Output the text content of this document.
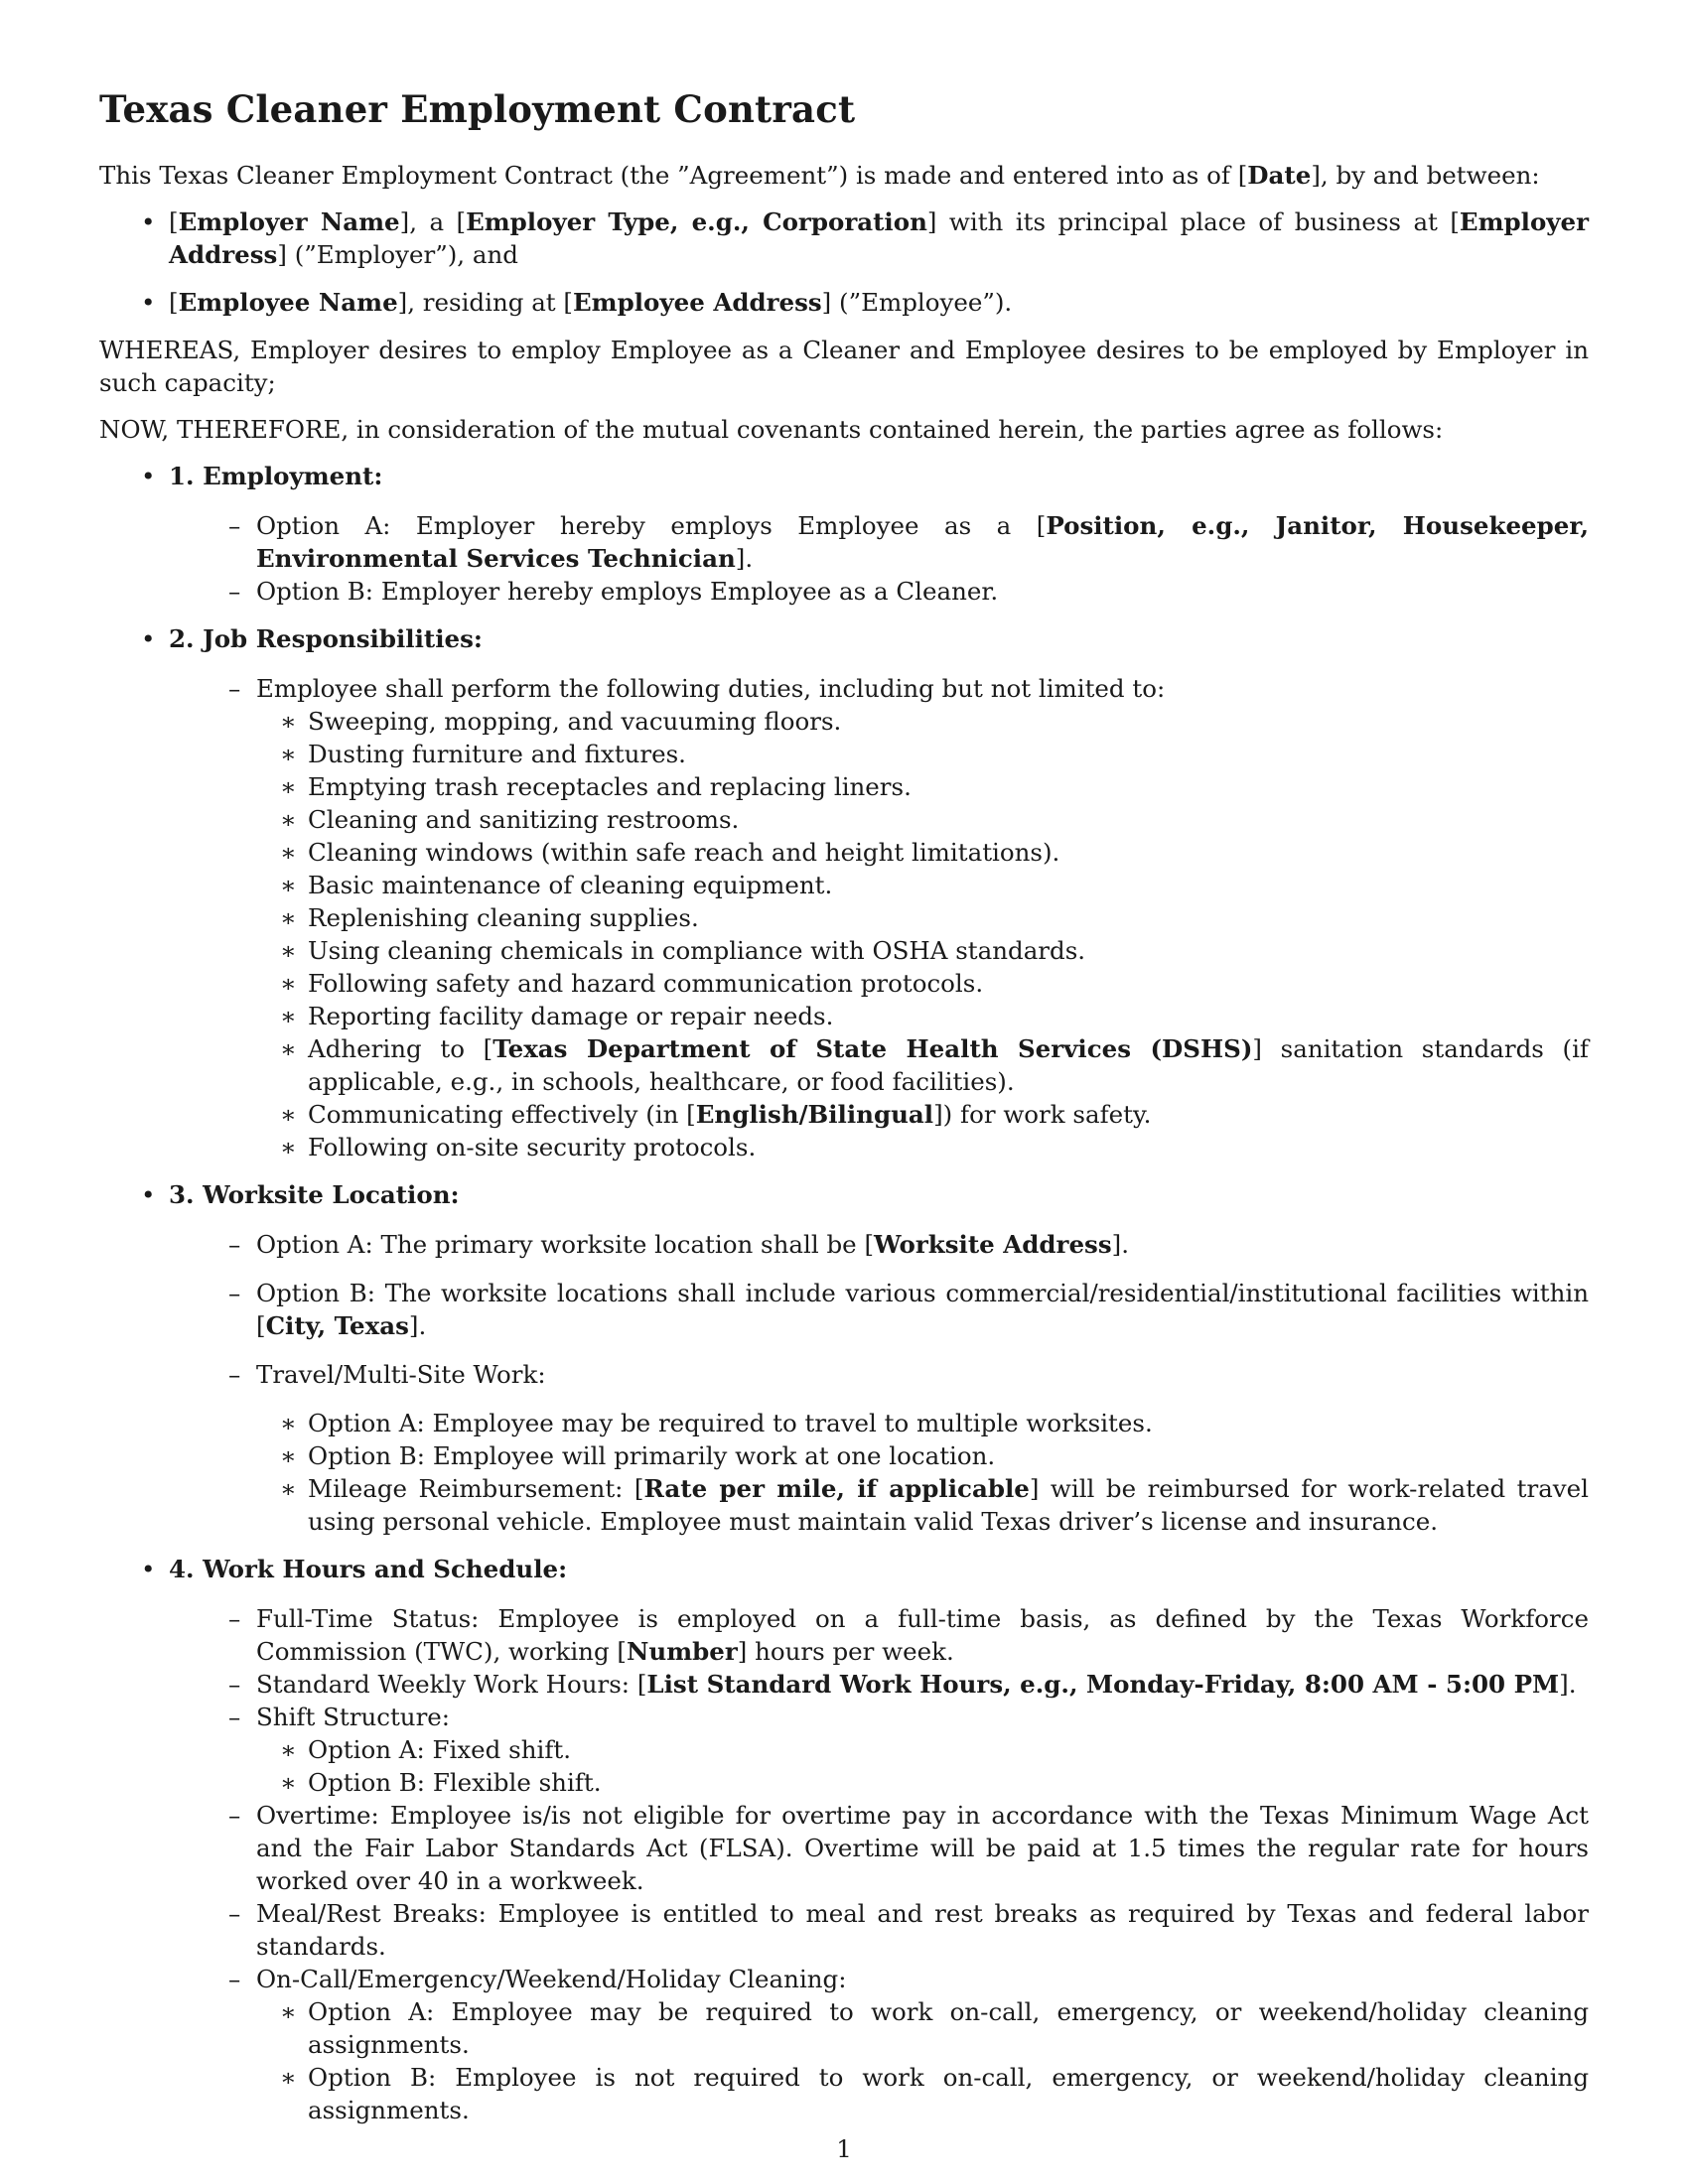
Texas Cleaner Employment Contract

This Texas Cleaner Employment Contract (the ”Agreement”) is made and entered into as of [Date], by and between:

• [Employer Name], a [Employer Type, e.g., Corporation] with its principal place of business at [Employer Address] (”Employer”), and
• [Employee Name], residing at [Employee Address] (”Employee”).

WHEREAS, Employer desires to employ Employee as a Cleaner and Employee desires to be employed by Employer in such capacity;

NOW, THEREFORE, in consideration of the mutual covenants contained herein, the parties agree as follows:

• 1. Employment:
– Option A: Employer hereby employs Employee as a [Position, e.g., Janitor, Housekeeper, Environmental Services Technician].
– Option B: Employer hereby employs Employee as a Cleaner.
• 2. Job Responsibilities:
– Employee shall perform the following duties, including but not limited to:
∗ Sweeping, mopping, and vacuuming floors.
∗ Dusting furniture and fixtures.
∗ Emptying trash receptacles and replacing liners.
∗ Cleaning and sanitizing restrooms.
∗ Cleaning windows (within safe reach and height limitations).
∗ Basic maintenance of cleaning equipment.
∗ Replenishing cleaning supplies.
∗ Using cleaning chemicals in compliance with OSHA standards.
∗ Following safety and hazard communication protocols.
∗ Reporting facility damage or repair needs.
∗ Adhering to [Texas Department of State Health Services (DSHS)] sanitation standards (if applicable, e.g., in schools, healthcare, or food facilities).
∗ Communicating effectively (in [English/Bilingual]) for work safety.
∗ Following on-site security protocols.
• 3. Worksite Location:
– Option A: The primary worksite location shall be [Worksite Address].
– Option B: The worksite locations shall include various commercial/residential/institutional facilities within [City, Texas].
– Travel/Multi-Site Work:
∗ Option A: Employee may be required to travel to multiple worksites.
∗ Option B: Employee will primarily work at one location.
∗ Mileage Reimbursement: [Rate per mile, if applicable] will be reimbursed for work-related travel using personal vehicle. Employee must maintain valid Texas driver’s license and insurance.
• 4. Work Hours and Schedule:
– Full-Time Status: Employee is employed on a full-time basis, as defined by the Texas Workforce Commission (TWC), working [Number] hours per week.
– Standard Weekly Work Hours: [List Standard Work Hours, e.g., Monday-Friday, 8:00 AM - 5:00 PM].
– Shift Structure:
∗ Option A: Fixed shift.
∗ Option B: Flexible shift.
– Overtime: Employee is/is not eligible for overtime pay in accordance with the Texas Minimum Wage Act and the Fair Labor Standards Act (FLSA). Overtime will be paid at 1.5 times the regular rate for hours worked over 40 in a workweek.
– Meal/Rest Breaks: Employee is entitled to meal and rest breaks as required by Texas and federal labor standards.
– On-Call/Emergency/Weekend/Holiday Cleaning:
∗ Option A: Employee may be required to work on-call, emergency, or weekend/holiday cleaning assignments.
∗ Option B: Employee is not required to work on-call, emergency, or weekend/holiday cleaning assignments.
1
